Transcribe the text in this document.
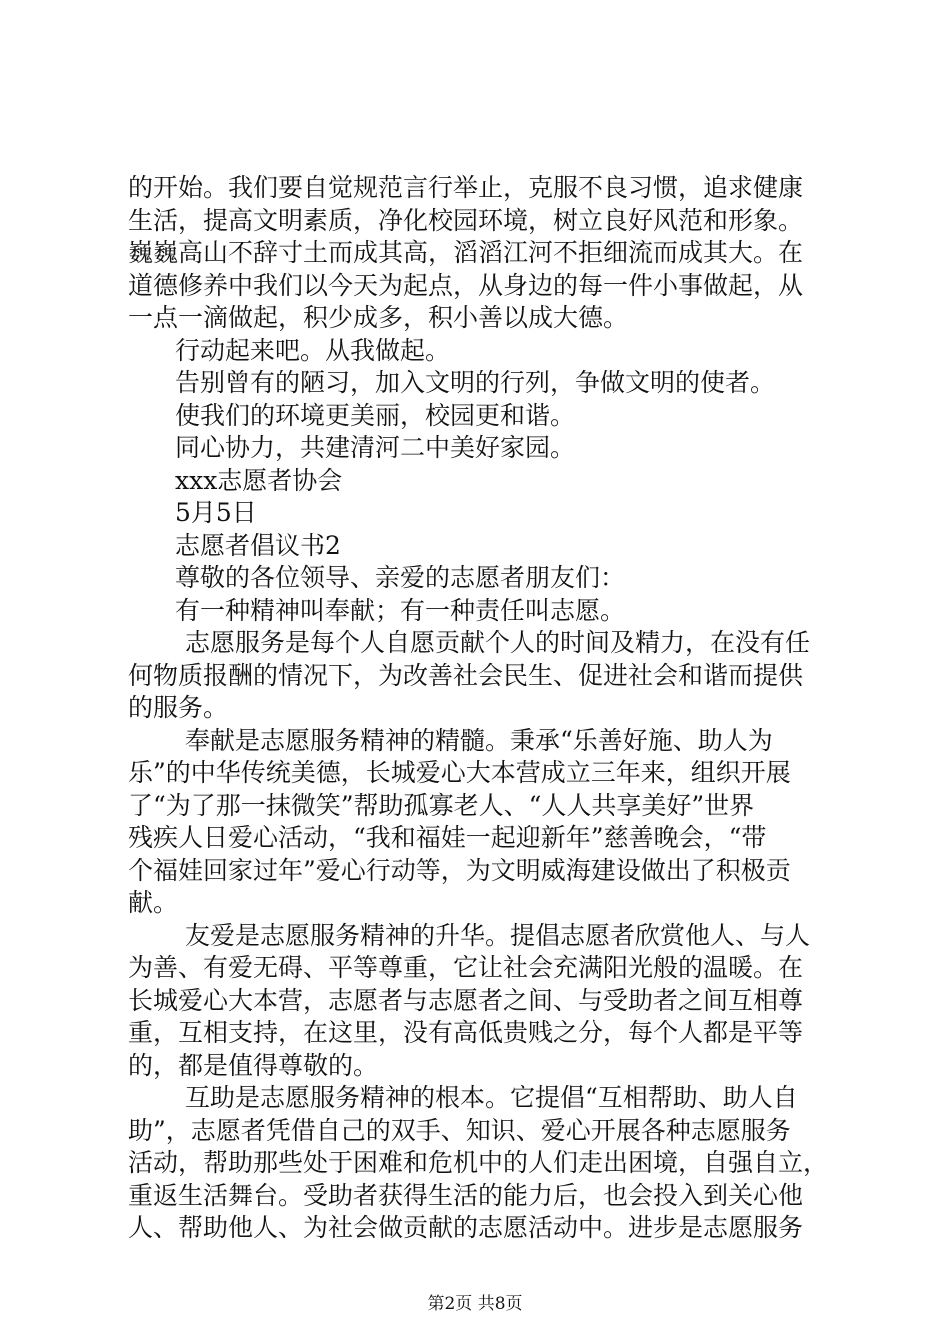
的开始。我们要自觉规范言行举止，克服不良习惯，追求健康
生活，提高文明素质，净化校园环境，树立良好风范和形象。
巍巍高山不辞寸土而成其高，滔滔江河不拒细流而成其大。在
道德修养中我们以今天为起点，从身边的每一件小事做起，从
一点一滴做起，积少成多，积小善以成大德。
行动起来吧。从我做起。
告别曾有的陋习，加入文明的行列，争做文明的使者。
使我们的环境更美丽，校园更和谐。
同心协力，共建清河二中美好家园。
xxx志愿者协会
5月5日
志愿者倡议书2
尊敬的各位领导、亲爱的志愿者朋友们：
有一种精神叫奉献；有一种责任叫志愿。
志愿服务是每个人自愿贡献个人的时间及精力，在没有任
何物质报酬的情况下，为改善社会民生、促进社会和谐而提供
的服务。
奉献是志愿服务精神的精髓。秉承“乐善好施、助人为
乐”的中华传统美德，长城爱心大本营成立三年来，组织开展
了“为了那一抹微笑”帮助孤寡老人、“人人共享美好”世界
残疾人日爱心活动，“我和福娃一起迎新年”慈善晚会，“带
个福娃回家过年”爱心行动等，为文明威海建设做出了积极贡
献。
友爱是志愿服务精神的升华。提倡志愿者欣赏他人、与人
为善、有爱无碍、平等尊重，它让社会充满阳光般的温暖。在
长城爱心大本营，志愿者与志愿者之间、与受助者之间互相尊
重，互相支持，在这里，没有高低贵贱之分，每个人都是平等
的，都是值得尊敬的。
互助是志愿服务精神的根本。它提倡“互相帮助、助人自
助”，志愿者凭借自己的双手、知识、爱心开展各种志愿服务
活动，帮助那些处于困难和危机中的人们走出困境，自强自立，
重返生活舞台。受助者获得生活的能力后，也会投入到关心他
人、帮助他人、为社会做贡献的志愿活动中。进步是志愿服务
第2页 共8页
